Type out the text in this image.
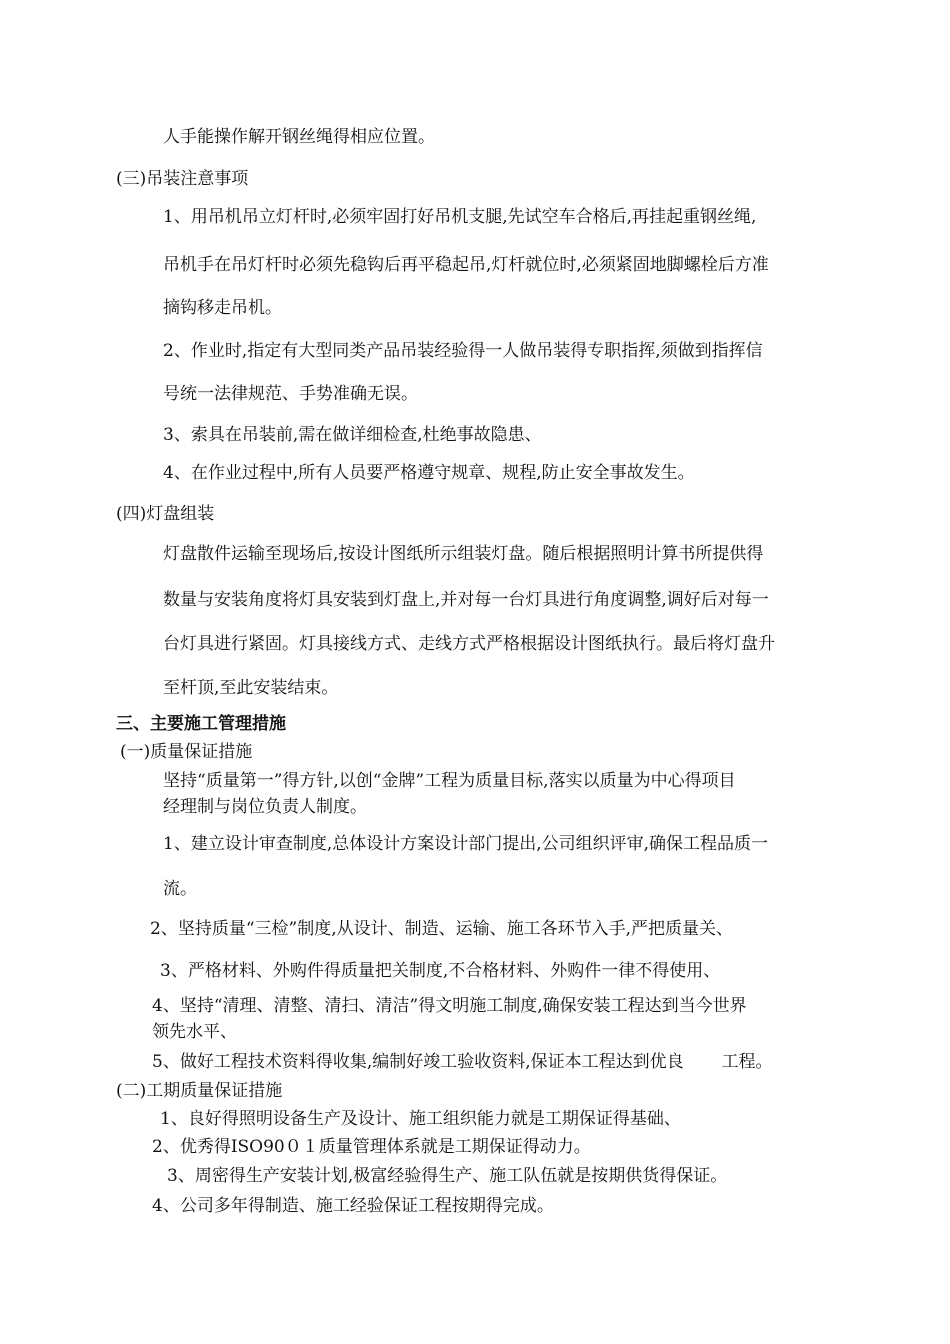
人手能操作解开钢丝绳得相应位置。
(三)吊装注意事项
1、用吊机吊立灯杆时,必须牢固打好吊机支腿,先试空车合格后,再挂起重钢丝绳,
吊机手在吊灯杆时必须先稳钩后再平稳起吊,灯杆就位时,必须紧固地脚螺栓后方准
摘钩移走吊机。
2、作业时,指定有大型同类产品吊装经验得一人做吊装得专职指挥,须做到指挥信
号统一法律规范、手势准确无误。
3、索具在吊装前,需在做详细检查,杜绝事故隐患、
4、在作业过程中,所有人员要严格遵守规章、规程,防止安全事故发生。
(四)灯盘组装
灯盘散件运输至现场后,按设计图纸所示组装灯盘。随后根据照明计算书所提供得
数量与安装角度将灯具安装到灯盘上,并对每一台灯具进行角度调整,调好后对每一
台灯具进行紧固。灯具接线方式、走线方式严格根据设计图纸执行。最后将灯盘升
至杆顶,至此安装结束。
三、主要施工管理措施
(一)质量保证措施
坚持“质量第一”得方针,以创“金牌”工程为质量目标,落实以质量为中心得项目
经理制与岗位负责人制度。
1、建立设计审查制度,总体设计方案设计部门提出,公司组织评审,确保工程品质一
流。
2、坚持质量“三检”制度,从设计、制造、运输、施工各环节入手,严把质量关、
3、严格材料、外购件得质量把关制度,不合格材料、外购件一律不得使用、
4、坚持“清理、清整、清扫、清洁”得文明施工制度,确保安装工程达到当今世界
领先水平、
5、做好工程技术资料得收集,编制好竣工验收资料,保证本工程达到优良       工程。
(二)工期质量保证措施
1、良好得照明设备生产及设计、施工组织能力就是工期保证得基础、
2、优秀得ISO90０１质量管理体系就是工期保证得动力。
3、周密得生产安装计划,极富经验得生产、施工队伍就是按期供货得保证。
4、公司多年得制造、施工经验保证工程按期得完成。
